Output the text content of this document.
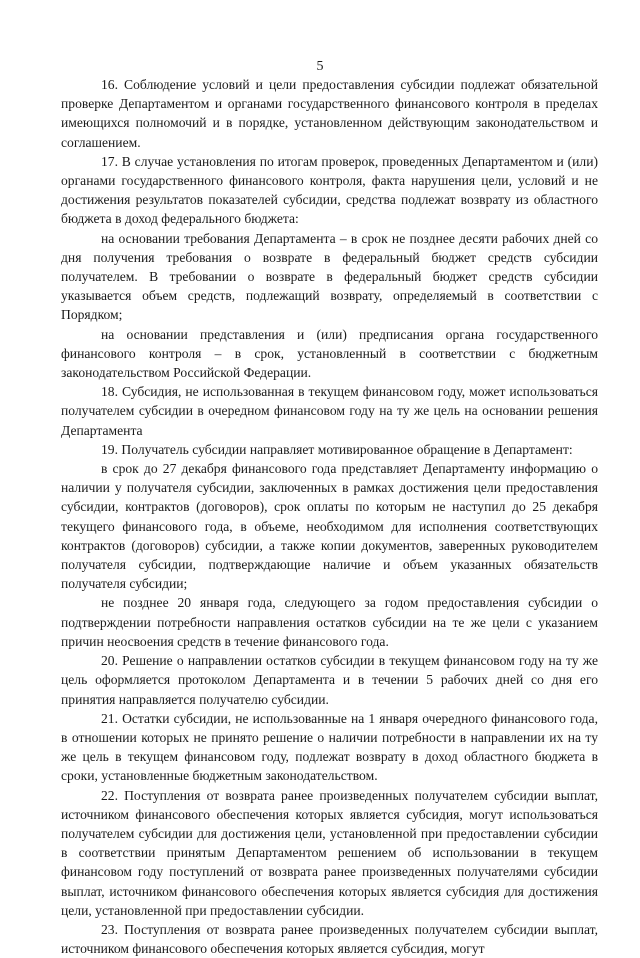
5

16. Соблюдение условий и цели предоставления субсидии подлежат обязательной проверке Департаментом и органами государственного финансового контроля в пределах имеющихся полномочий и в порядке, установленном действующим законодательством и соглашением.

17. В случае установления по итогам проверок, проведенных Департаментом и (или) органами государственного финансового контроля, факта нарушения цели, условий и не достижения результатов показателей субсидии, средства подлежат возврату из областного бюджета в доход федерального бюджета:

на основании требования Департамента – в срок не позднее десяти рабочих дней со дня получения требования о возврате в федеральный бюджет средств субсидии получателем. В требовании о возврате в федеральный бюджет средств субсидии указывается объем средств, подлежащий возврату, определяемый в соответствии с Порядком;

на основании представления и (или) предписания органа государственного финансового контроля – в срок, установленный в соответствии с бюджетным законодательством Российской Федерации.

18. Субсидия, не использованная в текущем финансовом году, может использоваться получателем субсидии в очередном финансовом году на ту же цель на основании решения Департамента

19. Получатель субсидии направляет мотивированное обращение в Департамент:

в срок до 27 декабря финансового года представляет Департаменту информацию о наличии у получателя субсидии, заключенных в рамках достижения цели предоставления субсидии, контрактов (договоров), срок оплаты по которым не наступил до 25 декабря текущего финансового года, в объеме, необходимом для исполнения соответствующих контрактов (договоров) субсидии, а также копии документов, заверенных руководителем получателя субсидии, подтверждающие наличие и объем указанных обязательств получателя субсидии;

не позднее 20 января года, следующего за годом предоставления субсидии о подтверждении потребности направления остатков субсидии на те же цели с указанием причин неосвоения средств в течение финансового года.

20. Решение о направлении остатков субсидии в текущем финансовом году на ту же цель оформляется протоколом Департамента и в течении 5 рабочих дней со дня его принятия направляется получателю субсидии.

21. Остатки субсидии, не использованные на 1 января очередного финансового года, в отношении которых не принято решение о наличии потребности в направлении их на ту же цель в текущем финансовом году, подлежат возврату в доход областного бюджета в сроки, установленные бюджетным законодательством.

22. Поступления от возврата ранее произведенных получателем субсидии выплат, источником финансового обеспечения которых является субсидия, могут использоваться получателем субсидии для достижения цели, установленной при предоставлении субсидии в соответствии принятым Департаментом решением об использовании в текущем финансовом году поступлений от возврата ранее произведенных получателями субсидии выплат, источником финансового обеспечения которых является субсидия для достижения цели, установленной при предоставлении субсидии.

23. Поступления от возврата ранее произведенных получателем субсидии выплат, источником финансового обеспечения которых является субсидия, могут
